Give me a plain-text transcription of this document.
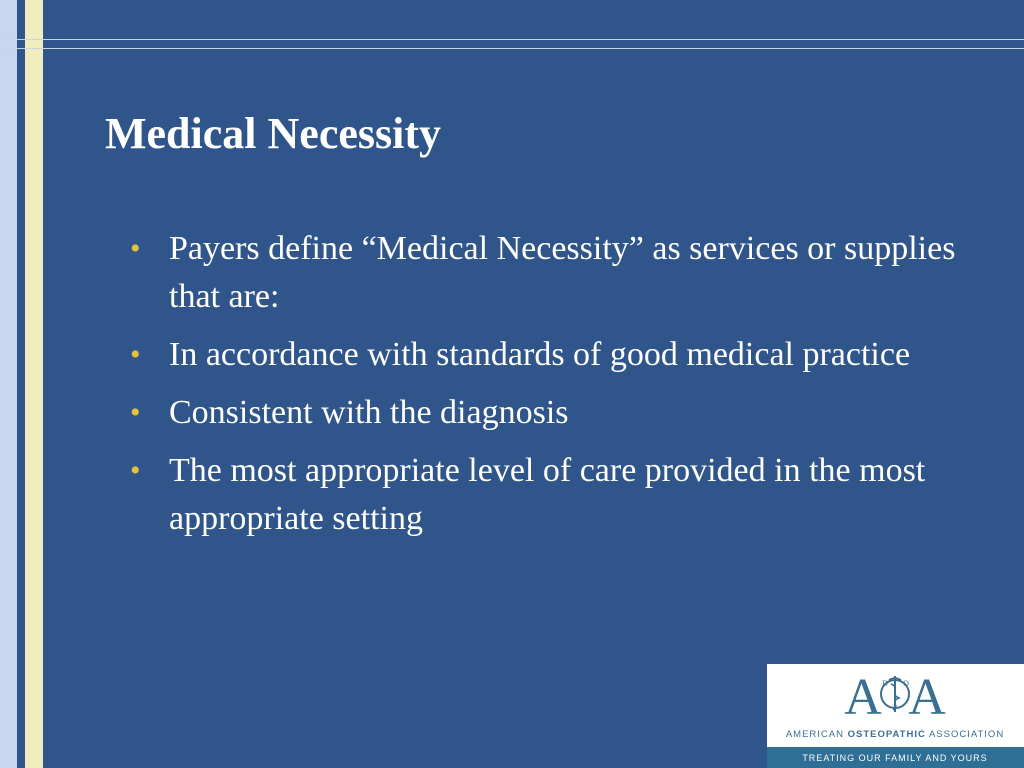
Medical Necessity
• Payers define “Medical Necessity” as services or supplies that are:
• In accordance with standards of good medical practice
• Consistent with the diagnosis
• The most appropriate level of care provided in the most appropriate setting
A A
D O
AMERICAN OSTEOPATHIC ASSOCIATION
TREATING OUR FAMILY AND YOURS
